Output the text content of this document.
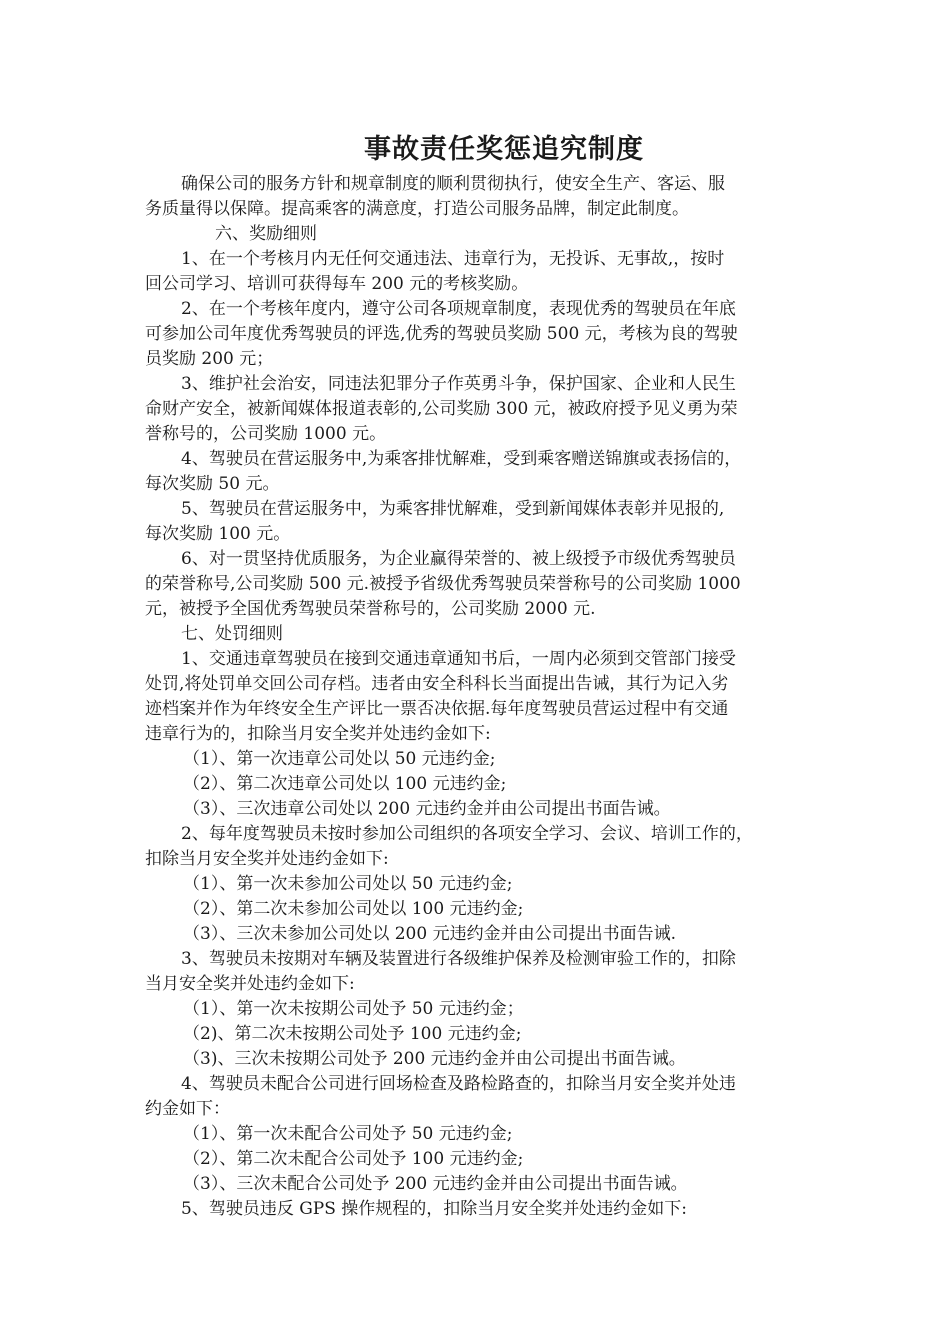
事故责任奖惩追究制度
确保公司的服务方针和规章制度的顺利贯彻执行，使安全生产、客运、服
务质量得以保障。提高乘客的满意度，打造公司服务品牌，制定此制度。
六、奖励细则
1、在一个考核月内无任何交通违法、违章行为，无投诉、无事故,，按时
回公司学习、培训可获得每车 200 元的考核奖励。
2、在一个考核年度内，遵守公司各项规章制度，表现优秀的驾驶员在年底
可参加公司年度优秀驾驶员的评选,优秀的驾驶员奖励 500 元，考核为良的驾驶
员奖励 200 元；
3、维护社会治安，同违法犯罪分子作英勇斗争，保护国家、企业和人民生
命财产安全，被新闻媒体报道表彰的,公司奖励 300 元，被政府授予见义勇为荣
誉称号的，公司奖励 1000 元。
4、驾驶员在营运服务中,为乘客排忧解难，受到乘客赠送锦旗或表扬信的，
每次奖励 50 元。
5、驾驶员在营运服务中，为乘客排忧解难，受到新闻媒体表彰并见报的,
每次奖励 100 元。
6、对一贯坚持优质服务，为企业赢得荣誉的、被上级授予市级优秀驾驶员
的荣誉称号,公司奖励 500 元.被授予省级优秀驾驶员荣誉称号的公司奖励 1000
元，被授予全国优秀驾驶员荣誉称号的，公司奖励 2000 元.
七、处罚细则
1、交通违章驾驶员在接到交通违章通知书后，一周内必须到交管部门接受
处罚,将处罚单交回公司存档。违者由安全科科长当面提出告诫，其行为记入劣
迹档案并作为年终安全生产评比一票否决依据.每年度驾驶员营运过程中有交通
违章行为的，扣除当月安全奖并处违约金如下:
（1）、第一次违章公司处以 50 元违约金;
（2）、第二次违章公司处以 100 元违约金;
（3）、三次违章公司处以 200 元违约金并由公司提出书面告诫。
2、每年度驾驶员未按时参加公司组织的各项安全学习、会议、培训工作的，
扣除当月安全奖并处违约金如下:
（1）、第一次未参加公司处以 50 元违约金;
（2）、第二次未参加公司处以 100 元违约金;
（3）、三次未参加公司处以 200 元违约金并由公司提出书面告诫.
3、驾驶员未按期对车辆及装置进行各级维护保养及检测审验工作的，扣除
当月安全奖并处违约金如下:
（1）、第一次未按期公司处予 50 元违约金；
（2)、第二次未按期公司处予 100 元违约金;
（3)、三次未按期公司处予 200 元违约金并由公司提出书面告诫。
4、驾驶员未配合公司进行回场检查及路检路查的，扣除当月安全奖并处违
约金如下：
（1）、第一次未配合公司处予 50 元违约金;
（2）、第二次未配合公司处予 100 元违约金;
（3）、三次未配合公司处予 200 元违约金并由公司提出书面告诫。
5、驾驶员违反 GPS 操作规程的，扣除当月安全奖并处违约金如下:
